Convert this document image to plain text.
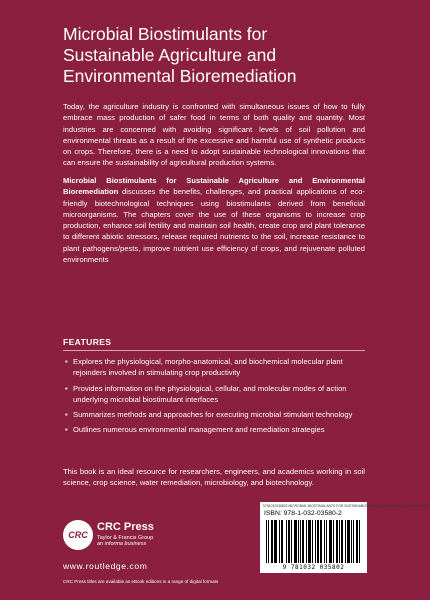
Microbial Biostimulants for
Sustainable Agriculture and
Environmental Bioremediation

Today, the agriculture industry is confronted with simultaneous issues of how to fully embrace mass production of safer food in terms of both quality and quantity. Most industries are concerned with avoiding significant levels of soil pollution and environmental threats as a result of the excessive and harmful use of synthetic products on crops. Therefore, there is a need to adopt sustainable technological innovations that can ensure the sustainability of agricultural production systems.

Microbial Biostimulants for Sustainable Agriculture and Environmental Bioremediation discusses the benefits, challenges, and practical applications of eco-friendly biotechnological techniques using biostimulants derived from beneficial microorganisms. The chapters cover the use of these organisms to increase crop production, enhance soil fertility and maintain soil health, create crop and plant tolerance to different abiotic stressors, release required nutrients to the soil, increase resistance to plant pathogens/pests, improve nutrient use efficiency of crops, and rejuvenate polluted environments

FEATURES
• Explores the physiological, morpho-anatomical, and biochemical molecular plant rejoinders involved in stimulating crop productivity
• Provides information on the physiological, cellular, and molecular modes of action underlying microbial biostimulant interfaces
• Summarizes methods and approaches for executing microbial stimulant technology
• Outlines numerous environmental management and remediation strategies

This book is an ideal resource for researchers, engineers, and academics working in soil science, crop science, water remediation, microbiology, and biotechnology.

CRC
CRC Press
Taylor & Francis Group
an informa business
www.routledge.com
CRC Press titles are available as eBook editions in a range of digital formats
9781032035802 MICROBIAL BIOSTIMULANTS FOR SUSTAINABLE AGRI ENVIRONMENTAL REMEDIATION
ISBN: 978-1-032-03580-2
9 781032 035802
